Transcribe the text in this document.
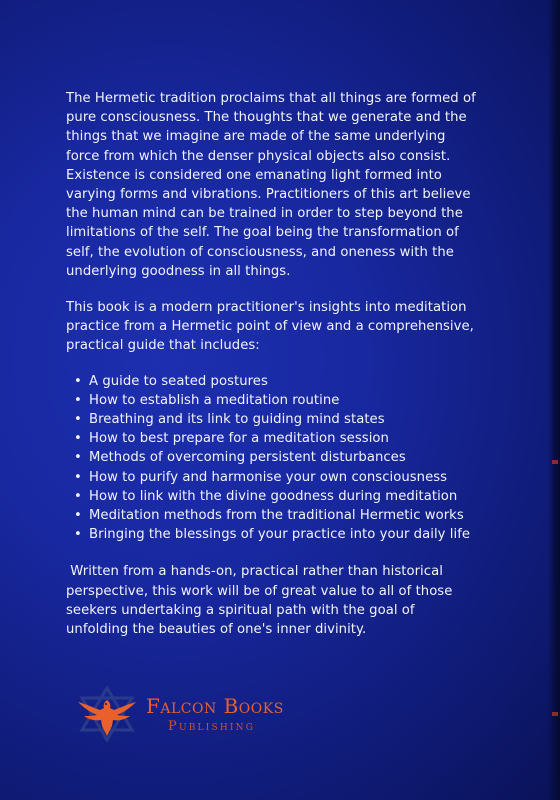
The Hermetic tradition proclaims that all things are formed of pure consciousness. The thoughts that we generate and the things that we imagine are made of the same underlying force from which the denser physical objects also consist. Existence is considered one emanating light formed into varying forms and vibrations. Practitioners of this art believe the human mind can be trained in order to step beyond the limitations of the self. The goal being the transformation of self, the evolution of consciousness, and oneness with the underlying goodness in all things.

This book is a modern practitioner's insights into meditation practice from a Hermetic point of view and a comprehensive, practical guide that includes:

• A guide to seated postures
• How to establish a meditation routine
• Breathing and its link to guiding mind states
• How to best prepare for a meditation session
• Methods of overcoming persistent disturbances
• How to purify and harmonise your own consciousness
• How to link with the divine goodness during meditation
• Meditation methods from the traditional Hermetic works
• Bringing the blessings of your practice into your daily life

Written from a hands-on, practical rather than historical perspective, this work will be of great value to all of those seekers undertaking a spiritual path with the goal of unfolding the beauties of one's inner divinity.

Falcon Books
Publishing
